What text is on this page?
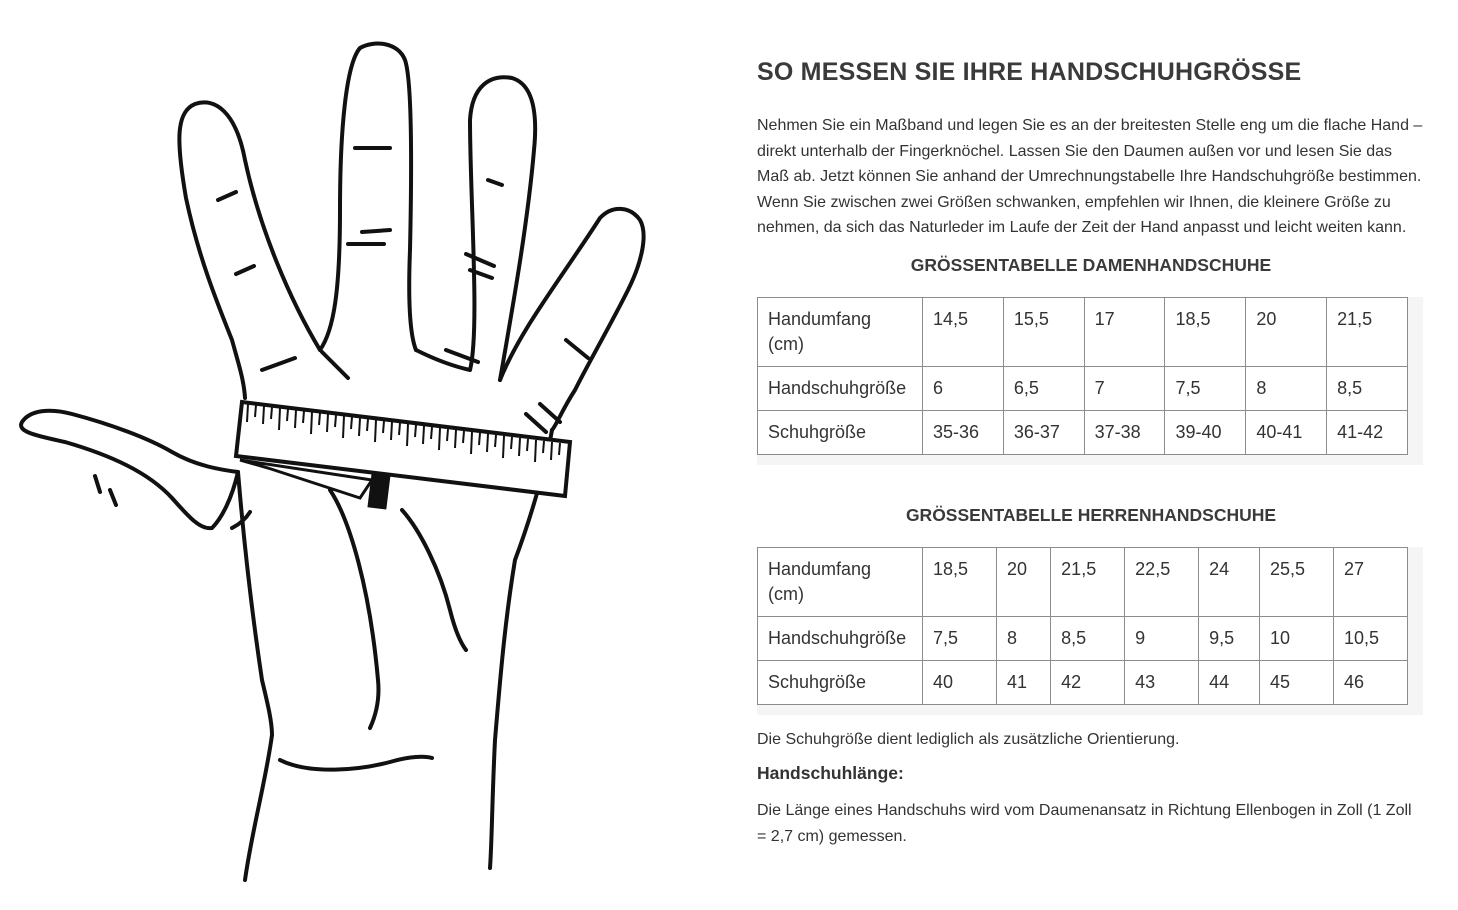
SO MESSEN SIE IHRE HANDSCHUHGRÖSSE

Nehmen Sie ein Maßband und legen Sie es an der breitesten Stelle eng um die flache Hand – direkt unterhalb der Fingerknöchel. Lassen Sie den Daumen außen vor und lesen Sie das Maß ab. Jetzt können Sie anhand der Umrechnungstabelle Ihre Handschuhgröße bestimmen. Wenn Sie zwischen zwei Größen schwanken, empfehlen wir Ihnen, die kleinere Größe zu nehmen, da sich das Naturleder im Laufe der Zeit der Hand anpasst und leicht weiten kann.

GRÖSSENTABELLE DAMENHANDSCHUHE
Handumfang (cm)	14,5	15,5	17	18,5	20	21,5
Handschuhgröße	6	6,5	7	7,5	8	8,5
Schuhgröße	35-36	36-37	37-38	39-40	40-41	41-42
GRÖSSENTABELLE HERRENHANDSCHUHE
Handumfang (cm)	18,5	20	21,5	22,5	24	25,5	27
Handschuhgröße	7,5	8	8,5	9	9,5	10	10,5
Schuhgröße	40	41	42	43	44	45	46

Die Schuhgröße dient lediglich als zusätzliche Orientierung.

Handschuhlänge:

Die Länge eines Handschuhs wird vom Daumenansatz in Richtung Ellenbogen in Zoll (1 Zoll = 2,7 cm) gemessen.
